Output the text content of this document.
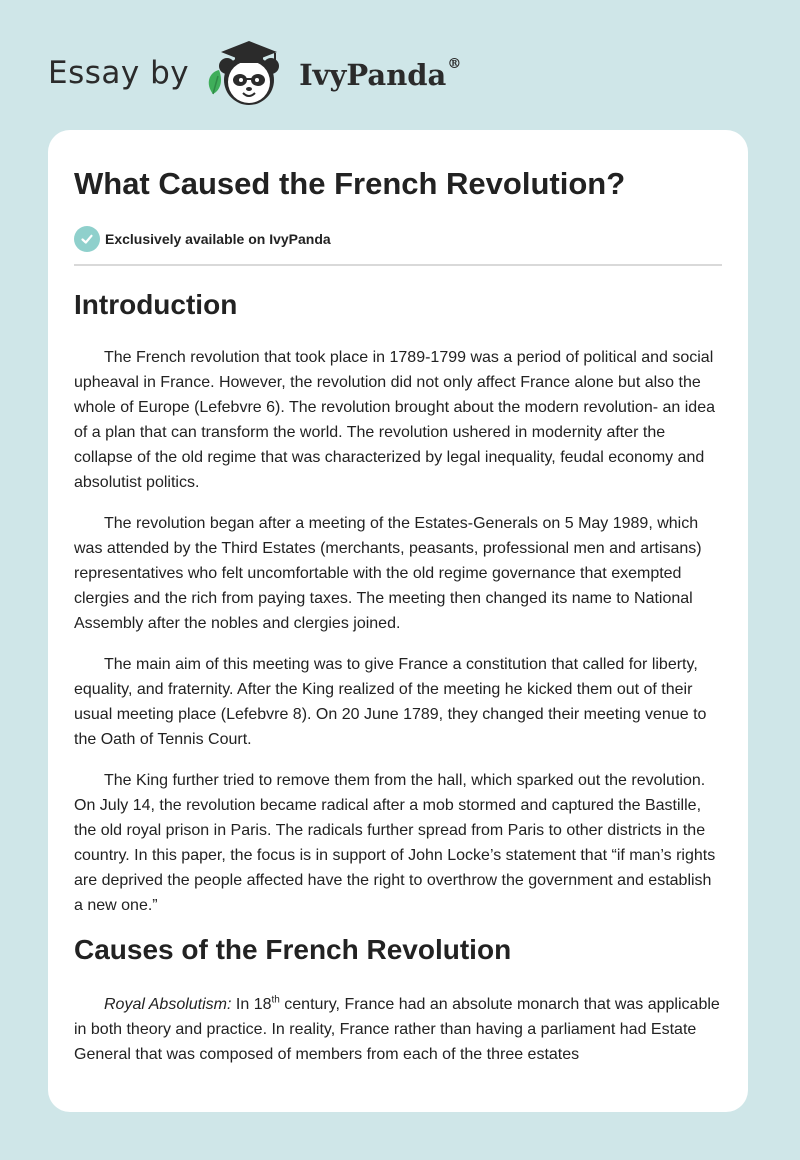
Essay by	IvyPanda®
What Caused the French Revolution?
Exclusively available on IvyPanda
Introduction

The French revolution that took place in 1789-1799 was a period of political and social upheaval in France. However, the revolution did not only affect France alone but also the whole of Europe (Lefebvre 6). The revolution brought about the modern revolution- an idea of a plan that can transform the world. The revolution ushered in modernity after the collapse of the old regime that was characterized by legal inequality, feudal economy and absolutist politics.

The revolution began after a meeting of the Estates-Generals on 5 May 1989, which was attended by the Third Estates (merchants, peasants, professional men and artisans) representatives who felt uncomfortable with the old regime governance that exempted clergies and the rich from paying taxes. The meeting then changed its name to National Assembly after the nobles and clergies joined.

The main aim of this meeting was to give France a constitution that called for liberty, equality, and fraternity. After the King realized of the meeting he kicked them out of their usual meeting place (Lefebvre 8). On 20 June 1789, they changed their meeting venue to the Oath of Tennis Court.

The King further tried to remove them from the hall, which sparked out the revolution. On July 14, the revolution became radical after a mob stormed and captured the Bastille, the old royal prison in Paris. The radicals further spread from Paris to other districts in the country. In this paper, the focus is in support of John Locke’s statement that “if man’s rights are deprived the people affected have the right to overthrow the government and establish a new one.”

Causes of the French Revolution

Royal Absolutism: In 18th century, France had an absolute monarch that was applicable in both theory and practice. In reality, France rather than having a parliament had Estate General that was composed of members from each of the three estates
